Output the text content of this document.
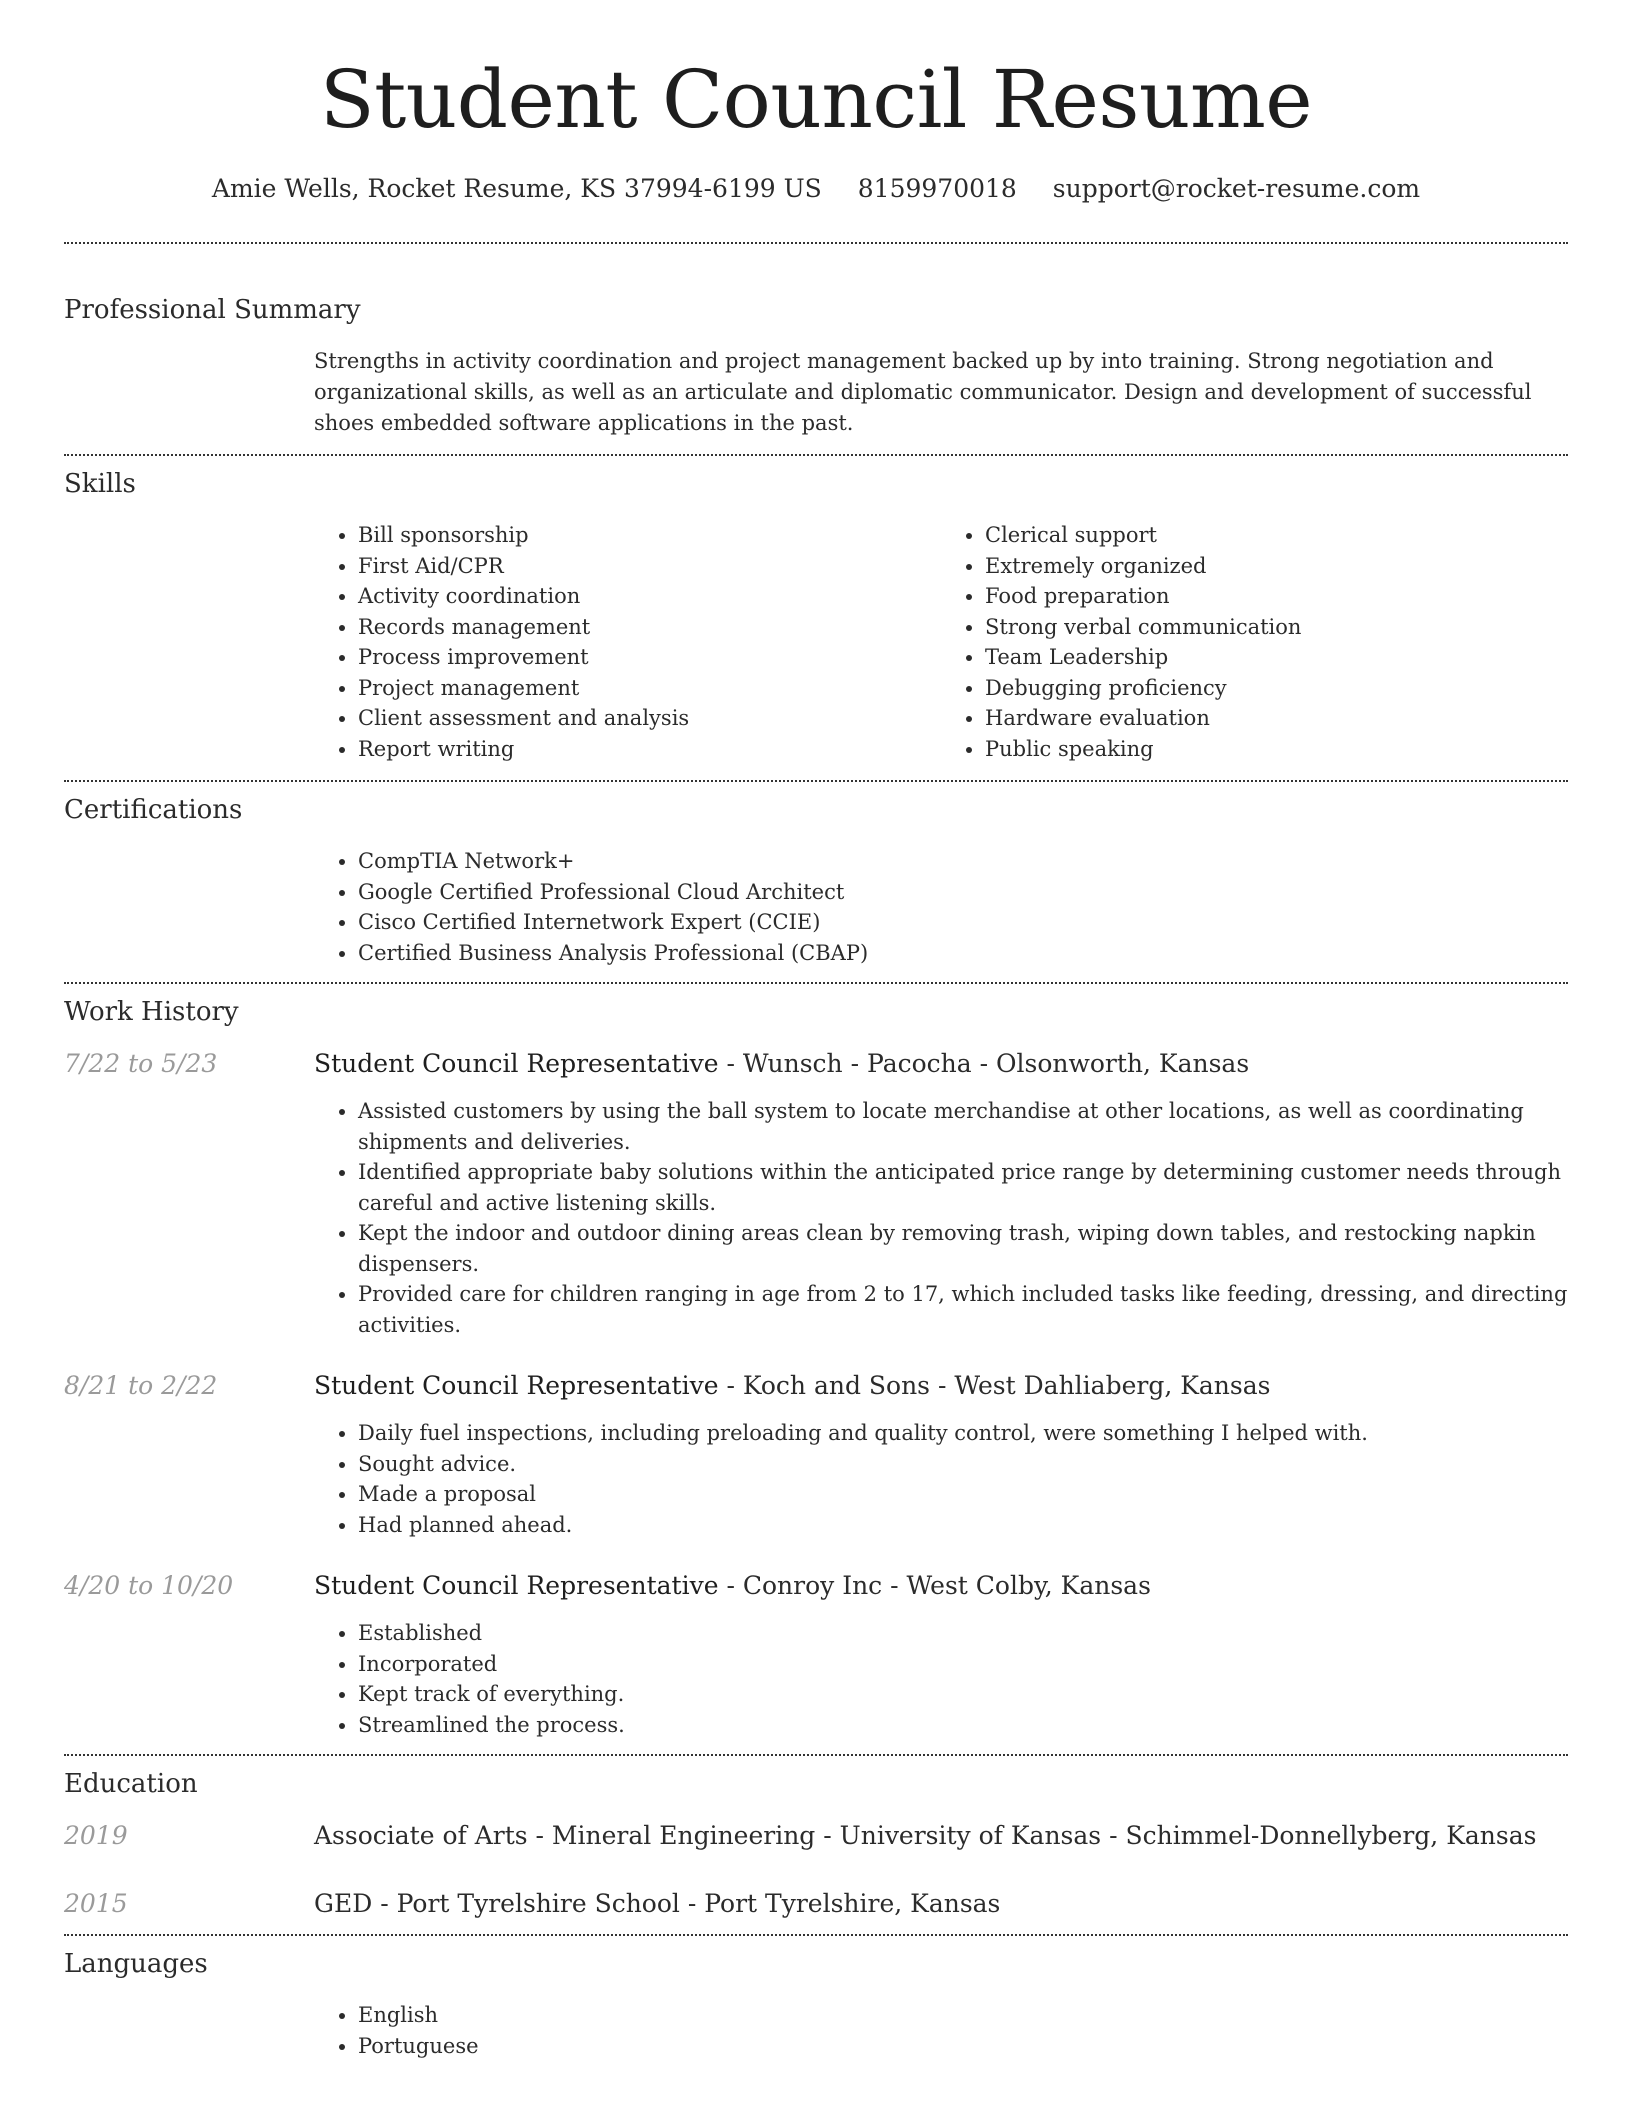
Student Council Resume
Amie Wells, Rocket Resume, KS 37994-6199 US 8159970018 support@rocket-resume.com
Professional Summary

Strengths in activity coordination and project management backed up by into training. Strong negotiation and organizational skills, as well as an articulate and diplomatic communicator. Design and development of successful shoes embedded software applications in the past.

Skills
• Bill sponsorship
• First Aid/CPR
• Activity coordination
• Records management
• Process improvement
• Project management
• Client assessment and analysis
• Report writing
• Clerical support
• Extremely organized
• Food preparation
• Strong verbal communication
• Team Leadership
• Debugging proficiency
• Hardware evaluation
• Public speaking
Certifications
• CompTIA Network+
• Google Certified Professional Cloud Architect
• Cisco Certified Internetwork Expert (CCIE)
• Certified Business Analysis Professional (CBAP)
Work History
7/22 to 5/23	Student Council Representative - Wunsch - Pacocha - Olsonworth, Kansas
• Assisted customers by using the ball system to locate merchandise at other locations, as well as coordinating shipments and deliveries.
• Identified appropriate baby solutions within the anticipated price range by determining customer needs through careful and active listening skills.
• Kept the indoor and outdoor dining areas clean by removing trash, wiping down tables, and restocking napkin dispensers.
• Provided care for children ranging in age from 2 to 17, which included tasks like feeding, dressing, and directing activities.
8/21 to 2/22	Student Council Representative - Koch and Sons - West Dahliaberg, Kansas
• Daily fuel inspections, including preloading and quality control, were something I helped with.
• Sought advice.
• Made a proposal
• Had planned ahead.
4/20 to 10/20	Student Council Representative - Conroy Inc - West Colby, Kansas
• Established
• Incorporated
• Kept track of everything.
• Streamlined the process.
Education
2019	Associate of Arts - Mineral Engineering - University of Kansas - Schimmel-Donnellyberg, Kansas
2015	GED - Port Tyrelshire School - Port Tyrelshire, Kansas
Languages
• English
• Portuguese
